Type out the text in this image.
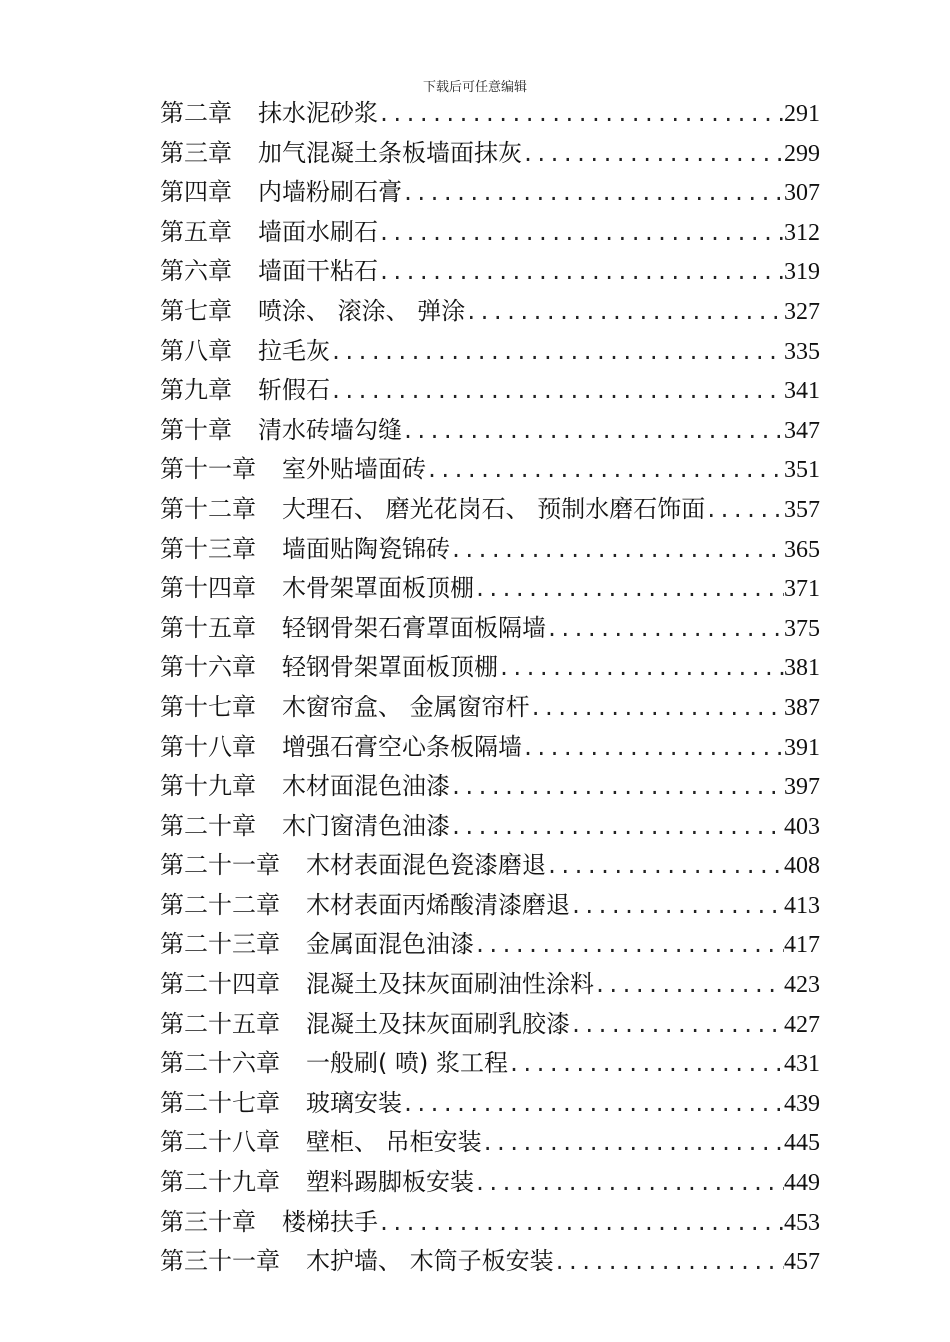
下载后可任意编辑
第二章 抹水泥砂浆 .....	291
第三章 加气混凝土条板墙面抹灰 .....	299
第四章 内墙粉刷石膏 .....	307
第五章 墙面水刷石 .....	312
第六章 墙面干粘石 .....	319
第七章 喷涂、 滚涂、 弹涂 .....	327
第八章 拉毛灰 .....	335
第九章 斩假石 .....	341
第十章 清水砖墙勾缝 .....	347
第十一章 室外贴墙面砖 .....	351
第十二章 大理石、 磨光花岗石、 预制水磨石饰面 .....	357
第十三章 墙面贴陶瓷锦砖 .....	365
第十四章 木骨架罩面板顶棚 .....	371
第十五章 轻钢骨架石膏罩面板隔墙 .....	375
第十六章 轻钢骨架罩面板顶棚 .....	381
第十七章 木窗帘盒、 金属窗帘杆 .....	387
第十八章 增强石膏空心条板隔墙 .....	391
第十九章 木材面混色油漆 .....	397
第二十章 木门窗清色油漆 .....	403
第二十一章 木材表面混色瓷漆磨退 .....	408
第二十二章 木材表面丙烯酸清漆磨退 .....	413
第二十三章 金属面混色油漆 .....	417
第二十四章 混凝土及抹灰面刷油性涂料 .....	423
第二十五章 混凝土及抹灰面刷乳胶漆 .....	427
第二十六章 一般刷( 喷) 浆工程 .....	431
第二十七章 玻璃安装 .....	439
第二十八章 壁柜、 吊柜安装 .....	445
第二十九章 塑料踢脚板安装 .....	449
第三十章 楼梯扶手 .....	453
第三十一章 木护墙、 木筒子板安装 .....	457
